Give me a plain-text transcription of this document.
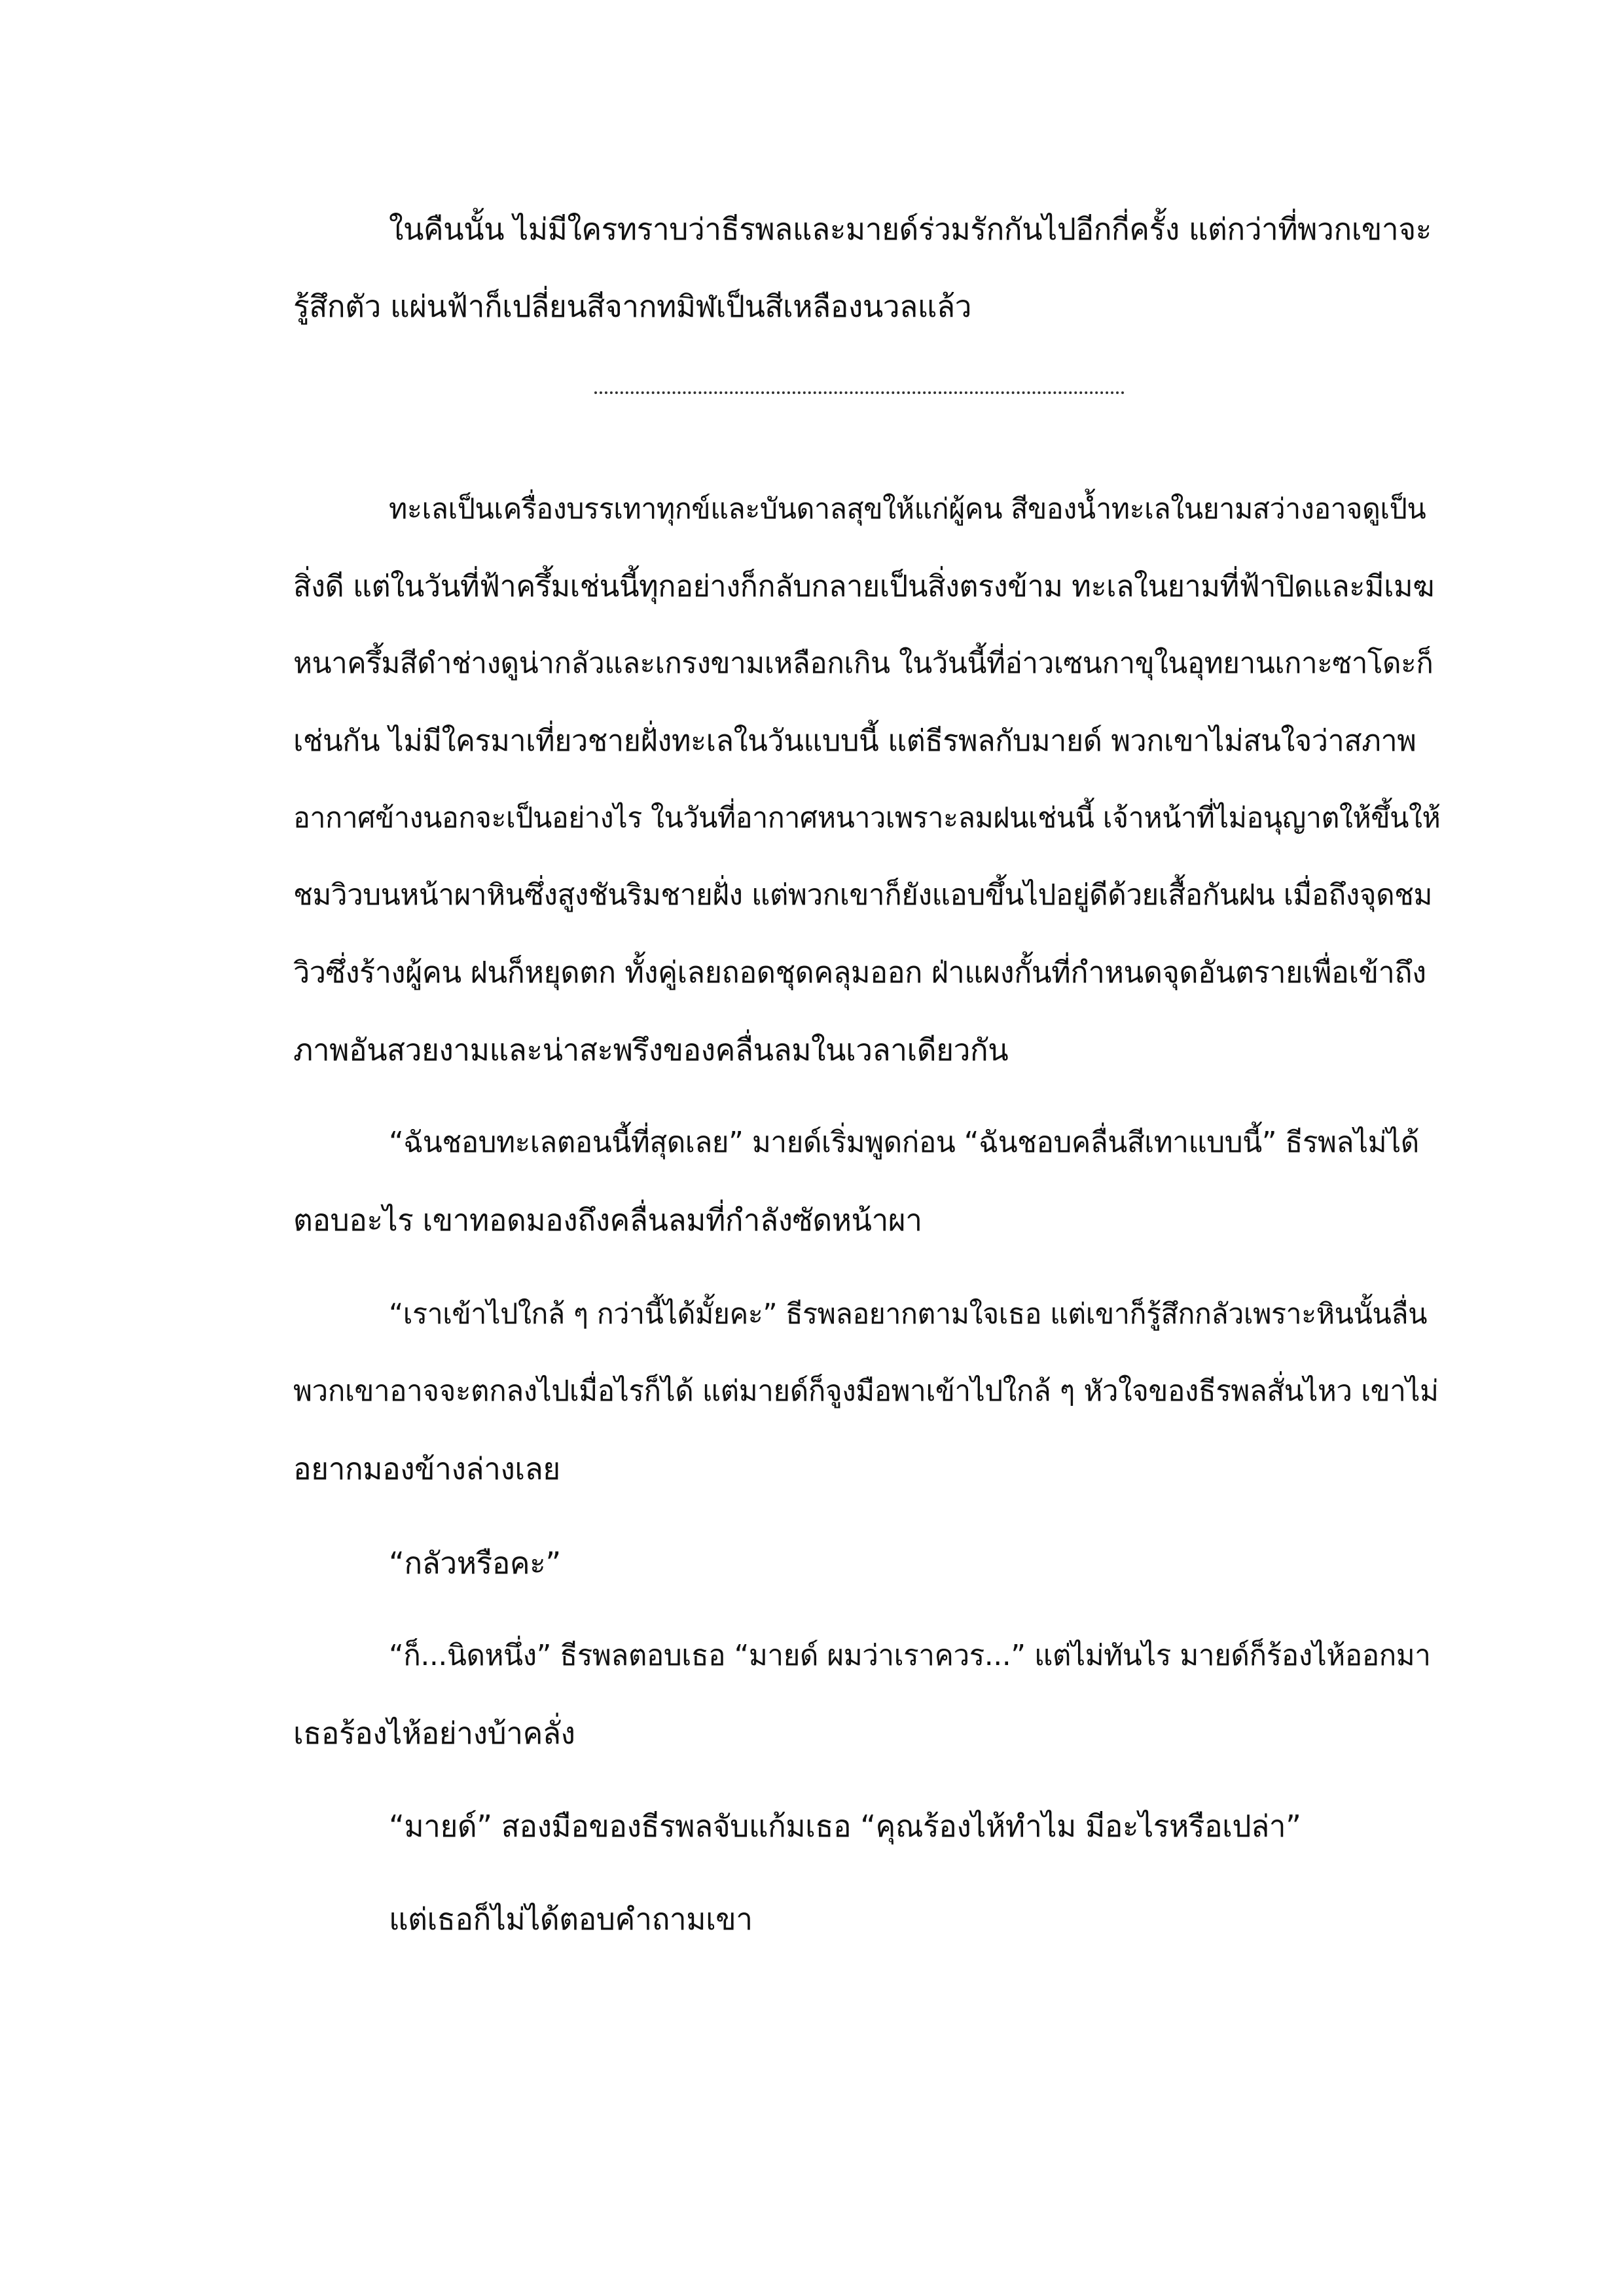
ในคืนนั้น ไม่มีใครทราบว่าธีรพลและมายด์ร่วมรักกันไปอีกกี่ครั้ง แต่กว่าที่พวกเขาจะ
รู้สึกตัว แผ่นฟ้าก็เปลี่ยนสีจากทมิฬเป็นสีเหลืองนวลแล้ว
ทะเลเป็นเครื่องบรรเทาทุกข์และบันดาลสุขให้แก่ผู้คน สีของน้ำทะเลในยามสว่างอาจดูเป็น
สิ่งดี แต่ในวันที่ฟ้าครึ้มเช่นนี้ทุกอย่างก็กลับกลายเป็นสิ่งตรงข้าม ทะเลในยามที่ฟ้าปิดและมีเมฆ
หนาครึ้มสีดำช่างดูน่ากลัวและเกรงขามเหลือกเกิน ในวันนี้ที่อ่าวเซนกาขุในอุทยานเกาะซาโดะก็
เช่นกัน ไม่มีใครมาเที่ยวชายฝั่งทะเลในวันแบบนี้ แต่ธีรพลกับมายด์ พวกเขาไม่สนใจว่าสภาพ
อากาศข้างนอกจะเป็นอย่างไร ในวันที่อากาศหนาวเพราะลมฝนเช่นนี้ เจ้าหน้าที่ไม่อนุญาตให้ขึ้นให้
ชมวิวบนหน้าผาหินซึ่งสูงชันริมชายฝั่ง แต่พวกเขาก็ยังแอบขึ้นไปอยู่ดีด้วยเสื้อกันฝน เมื่อถึงจุดชม
วิวซึ่งร้างผู้คน ฝนก็หยุดตก ทั้งคู่เลยถอดชุดคลุมออก ฝ่าแผงกั้นที่กำหนดจุดอันตรายเพื่อเข้าถึง
ภาพอันสวยงามและน่าสะพรึงของคลื่นลมในเวลาเดียวกัน
“ฉันชอบทะเลตอนนี้ที่สุดเลย” มายด์เริ่มพูดก่อน “ฉันชอบคลื่นสีเทาแบบนี้” ธีรพลไม่ได้
ตอบอะไร เขาทอดมองถึงคลื่นลมที่กำลังซัดหน้าผา
“เราเข้าไปใกล้ ๆ กว่านี้ได้มั้ยคะ” ธีรพลอยากตามใจเธอ แต่เขาก็รู้สึกกลัวเพราะหินนั้นลื่น
พวกเขาอาจจะตกลงไปเมื่อไรก็ได้ แต่มายด์ก็จูงมือพาเข้าไปใกล้ ๆ หัวใจของธีรพลสั่นไหว เขาไม่
อยากมองข้างล่างเลย
“กลัวหรือคะ”
“ก็...นิดหนึ่ง” ธีรพลตอบเธอ “มายด์ ผมว่าเราควร...” แต่ไม่ทันไร มายด์ก็ร้องไห้ออกมา
เธอร้องไห้อย่างบ้าคลั่ง
“มายด์” สองมือของธีรพลจับแก้มเธอ “คุณร้องไห้ทำไม มีอะไรหรือเปล่า”
แต่เธอก็ไม่ได้ตอบคำถามเขา
